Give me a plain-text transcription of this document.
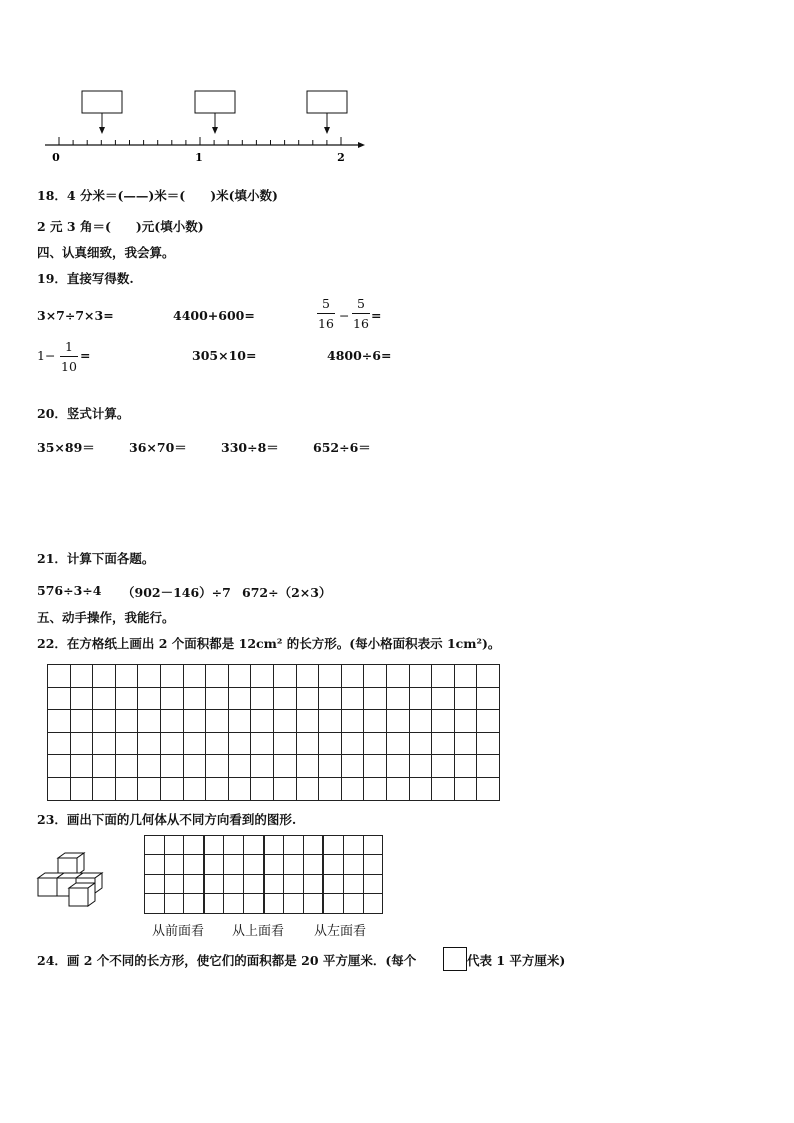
0	1	2
18．4 分米＝(——)米＝(　　)米(填小数)
2 元 3 角＝(　　)元(填小数)
四、认真细致，我会算。
19．直接写得数.
3×7÷7×3=	4400+600=
5
16
−
5
16
=
1−
1
10
=	305×10=	4800÷6=
20．竖式计算。
35×89＝	36×70＝	330÷8＝	652÷6＝
21．计算下面各题。
576÷3÷4 （902－146）÷7 672÷（2×3）
五、动手操作，我能行。
22．在方格纸上画出 2 个面积都是 12cm² 的长方形。(每小格面积表示 1cm²)。

23．画出下面的几何体从不同方向看到的图形.

从前面看 从上面看 从左面看
24．画 2 个不同的长方形，使它们的面积都是 20 平方厘米．(每个	代表 1 平方厘米)
